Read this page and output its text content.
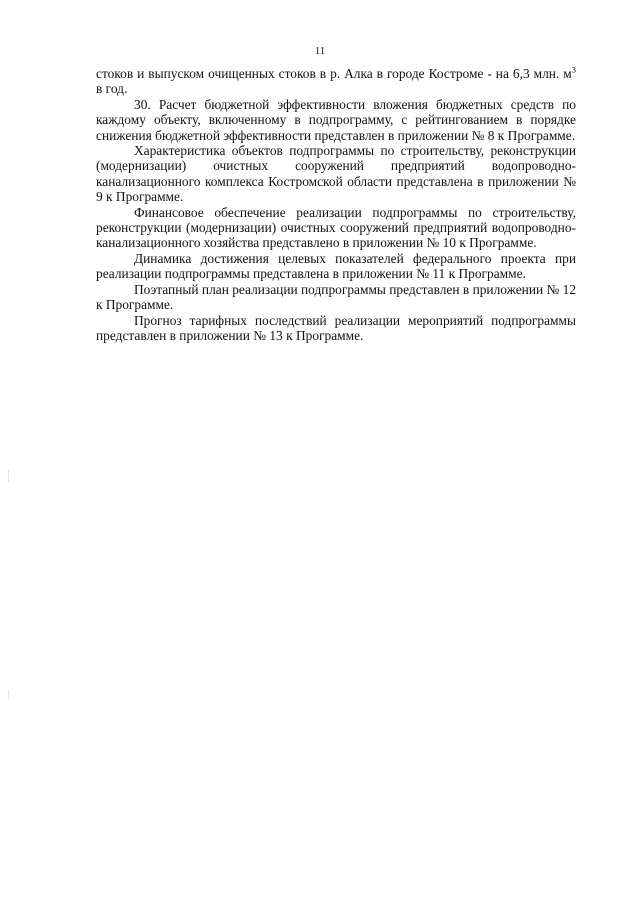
11

стоков и выпуском очищенных стоков в р. Алка в городе Костроме - на 6,3 млн. $м^3$ в год.

30. Расчет бюджетной эффективности вложения бюджетных средств по каждому объекту, включенному в подпрограмму, с рейтингованием в порядке снижения бюджетной эффективности представлен в приложении № 8 к Программе.

Характеристика объектов подпрограммы по строительству, реконструкции (модернизации) очистных сооружений предприятий водопроводно-канализационного комплекса Костромской области представлена в приложении № 9 к Программе.

Финансовое обеспечение реализации подпрограммы по строительству, реконструкции (модернизации) очистных сооружений предприятий водопроводно-канализационного хозяйства представлено в приложении № 10 к Программе.

Динамика достижения целевых показателей федерального проекта при реализации подпрограммы представлена в приложении № 11 к Программе.

Поэтапный план реализации подпрограммы представлен в приложении № 12 к Программе.

Прогноз тарифных последствий реализации мероприятий подпрограммы представлен в приложении № 13 к Программе.
